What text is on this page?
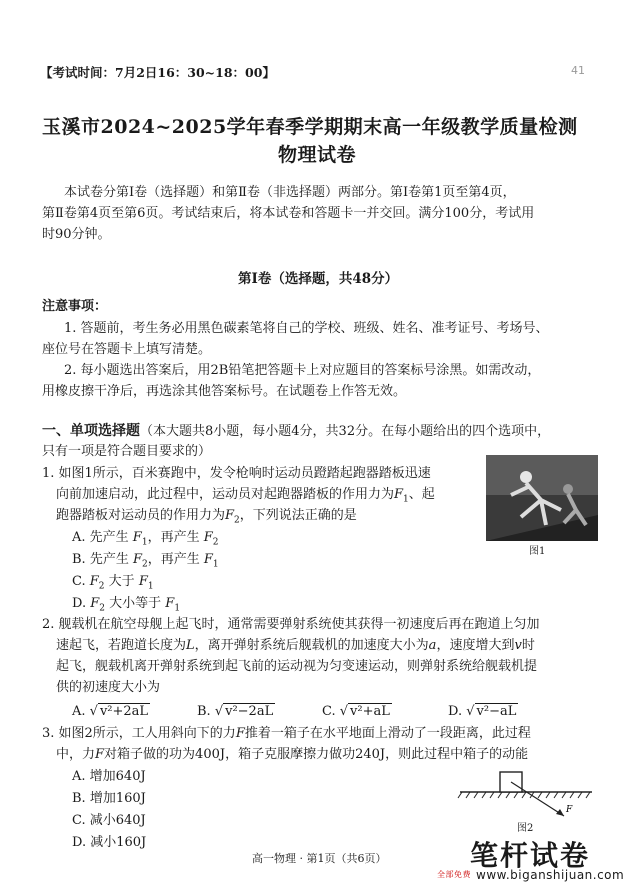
【考试时间：7月2日16：30~18：00】	41
玉溪市2024~2025学年春季学期期末高一年级教学质量检测
物理试卷
本试卷分第Ⅰ卷（选择题）和第Ⅱ卷（非选择题）两部分。第Ⅰ卷第1页至第4页，
第Ⅱ卷第4页至第6页。考试结束后，将本试卷和答题卡一并交回。满分100分，考试用
时90分钟。
第Ⅰ卷（选择题，共48分）
注意事项：
1. 答题前，考生务必用黑色碳素笔将自己的学校、班级、姓名、准考证号、考场号、
座位号在答题卡上填写清楚。
2. 每小题选出答案后，用2B铅笔把答题卡上对应题目的答案标号涂黑。如需改动，
用橡皮擦干净后，再选涂其他答案标号。在试题卷上作答无效。
一、单项选择题（本大题共8小题，每小题4分，共32分。在每小题给出的四个选项中，
只有一项是符合题目要求的）
1. 如图1所示，百米赛跑中，发令枪响时运动员蹬踏起跑器踏板迅速
向前加速启动，此过程中，运动员对起跑器踏板的作用力为$F_1$、起
跑器踏板对运动员的作用力为$F_2$，下列说法正确的是
A. 先产生 $F_1$，再产生 $F_2$
B. 先产生 $F_2$，再产生 $F_1$
C. $F_2$ 大于 $F_1$
D. $F_2$ 大小等于 $F_1$
图1
2. 舰载机在航空母舰上起飞时，通常需要弹射系统使其获得一初速度后再在跑道上匀加
速起飞，若跑道长度为L，离开弹射系统后舰载机的加速度大小为a，速度增大到v时
起飞，舰载机离开弹射系统到起飞前的运动视为匀变速运动，则弹射系统给舰载机提
供的初速度大小为
A. √ v²+2aL	B. √ v²−2aL	C. √ v²+aL	D. √ v²−aL
3. 如图2所示，工人用斜向下的力F推着一箱子在水平地面上滑动了一段距离，此过程
中，力F对箱子做的功为400J，箱子克服摩擦力做功240J，则此过程中箱子的动能
A. 增加640J
B. 增加160J
C. 减小640J
D. 减小160J
F
图2
高一物理 · 第1页（共6页）	笔杆试卷
全部免费 www.biganshijuan.com
